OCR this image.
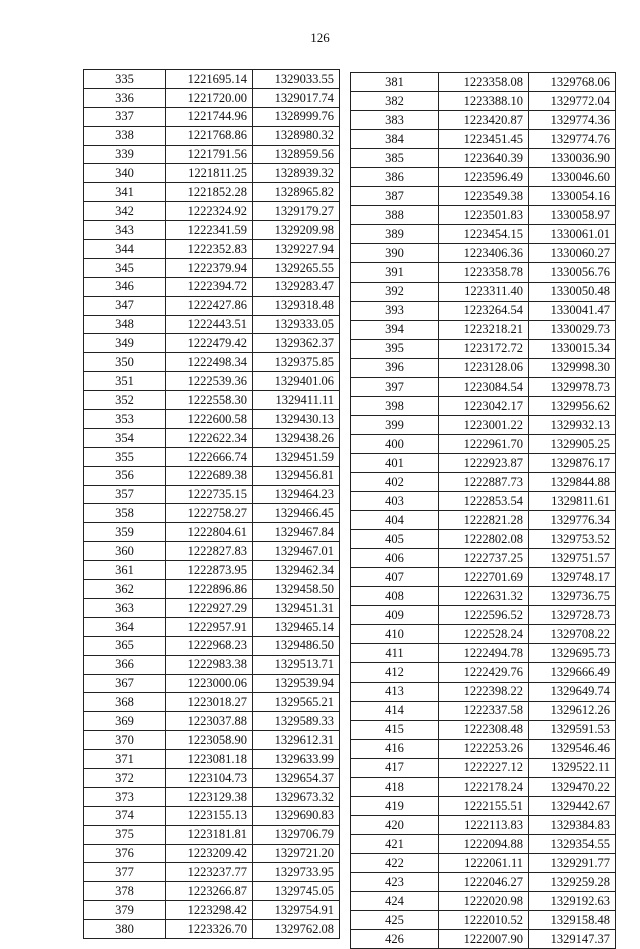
126
335	1221695.14	1329033.55
336	1221720.00	1329017.74
337	1221744.96	1328999.76
338	1221768.86	1328980.32
339	1221791.56	1328959.56
340	1221811.25	1328939.32
341	1221852.28	1328965.82
342	1222324.92	1329179.27
343	1222341.59	1329209.98
344	1222352.83	1329227.94
345	1222379.94	1329265.55
346	1222394.72	1329283.47
347	1222427.86	1329318.48
348	1222443.51	1329333.05
349	1222479.42	1329362.37
350	1222498.34	1329375.85
351	1222539.36	1329401.06
352	1222558.30	1329411.11
353	1222600.58	1329430.13
354	1222622.34	1329438.26
355	1222666.74	1329451.59
356	1222689.38	1329456.81
357	1222735.15	1329464.23
358	1222758.27	1329466.45
359	1222804.61	1329467.84
360	1222827.83	1329467.01
361	1222873.95	1329462.34
362	1222896.86	1329458.50
363	1222927.29	1329451.31
364	1222957.91	1329465.14
365	1222968.23	1329486.50
366	1222983.38	1329513.71
367	1223000.06	1329539.94
368	1223018.27	1329565.21
369	1223037.88	1329589.33
370	1223058.90	1329612.31
371	1223081.18	1329633.99
372	1223104.73	1329654.37
373	1223129.38	1329673.32
374	1223155.13	1329690.83
375	1223181.81	1329706.79
376	1223209.42	1329721.20
377	1223237.77	1329733.95
378	1223266.87	1329745.05
379	1223298.42	1329754.91
380	1223326.70	1329762.08
381	1223358.08	1329768.06
382	1223388.10	1329772.04
383	1223420.87	1329774.36
384	1223451.45	1329774.76
385	1223640.39	1330036.90
386	1223596.49	1330046.60
387	1223549.38	1330054.16
388	1223501.83	1330058.97
389	1223454.15	1330061.01
390	1223406.36	1330060.27
391	1223358.78	1330056.76
392	1223311.40	1330050.48
393	1223264.54	1330041.47
394	1223218.21	1330029.73
395	1223172.72	1330015.34
396	1223128.06	1329998.30
397	1223084.54	1329978.73
398	1223042.17	1329956.62
399	1223001.22	1329932.13
400	1222961.70	1329905.25
401	1222923.87	1329876.17
402	1222887.73	1329844.88
403	1222853.54	1329811.61
404	1222821.28	1329776.34
405	1222802.08	1329753.52
406	1222737.25	1329751.57
407	1222701.69	1329748.17
408	1222631.32	1329736.75
409	1222596.52	1329728.73
410	1222528.24	1329708.22
411	1222494.78	1329695.73
412	1222429.76	1329666.49
413	1222398.22	1329649.74
414	1222337.58	1329612.26
415	1222308.48	1329591.53
416	1222253.26	1329546.46
417	1222227.12	1329522.11
418	1222178.24	1329470.22
419	1222155.51	1329442.67
420	1222113.83	1329384.83
421	1222094.88	1329354.55
422	1222061.11	1329291.77
423	1222046.27	1329259.28
424	1222020.98	1329192.63
425	1222010.52	1329158.48
426	1222007.90	1329147.37
